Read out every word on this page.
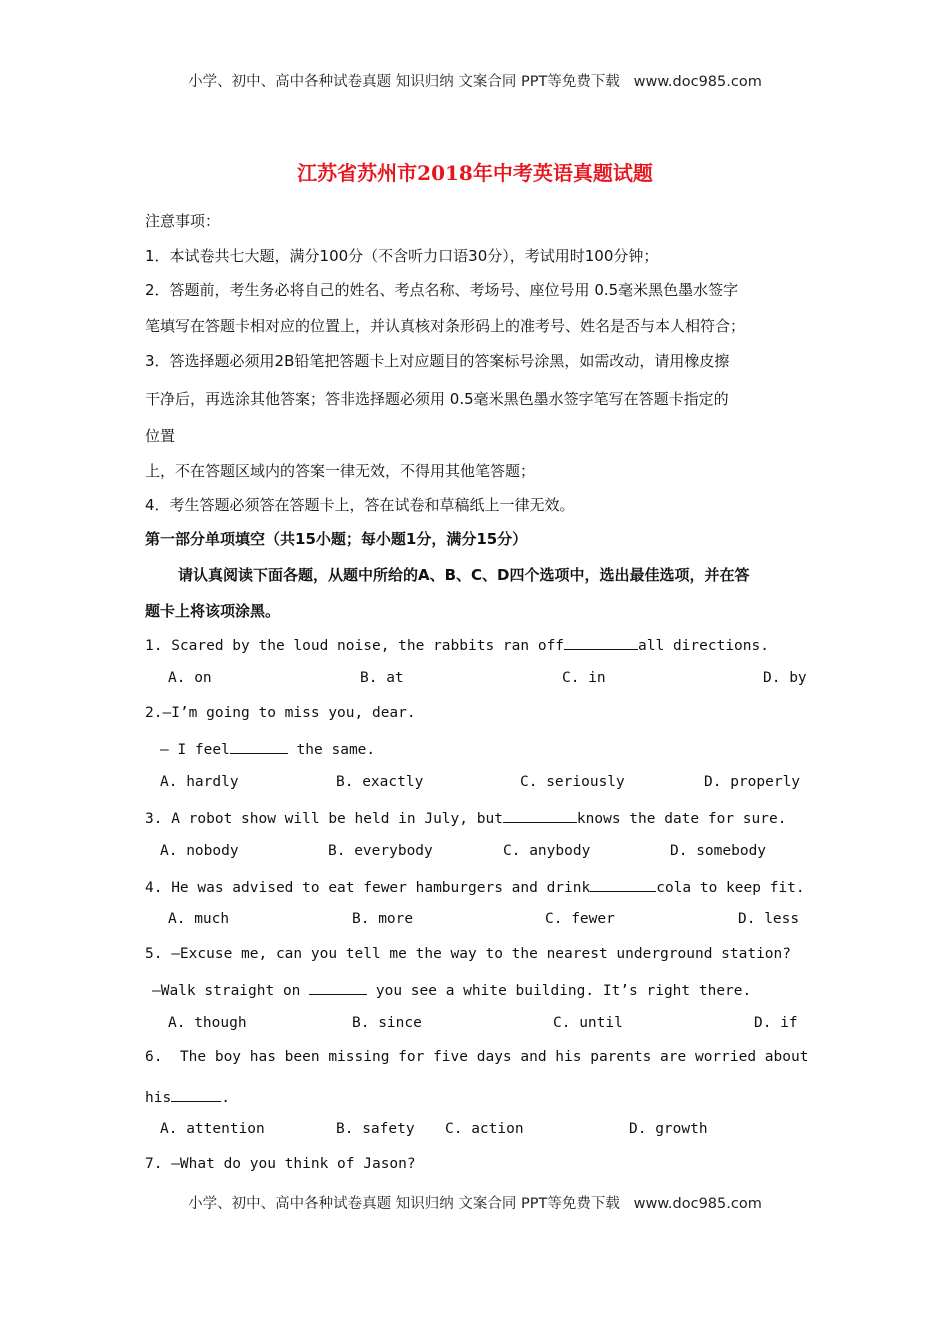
小学、初中、高中各种试卷真题 知识归纳 文案合同 PPT等免费下载   www.doc985.com
江苏省苏州市2018年中考英语真题试题
注意事项：
1．本试卷共七大题，满分100分（不含听力口语30分），考试用时100分钟；
2．答题前，考生务必将自己的姓名、考点名称、考场号、座位号用 0.5毫米黑色墨水签字
笔填写在答题卡相对应的位置上，并认真核对条形码上的准考号、姓名是否与本人相符合；
3．答选择题必须用2B铅笔把答题卡上对应题目的答案标号涂黑，如需改动，请用橡皮擦
干净后，再选涂其他答案；答非选择题必须用 0.5毫米黑色墨水签字笔写在答题卡指定的
位置
上，不在答题区域内的答案一律无效，不得用其他笔答题；
4．考生答题必须答在答题卡上，答在试卷和草稿纸上一律无效。
第一部分单项填空（共15小题；每小题1分，满分15分）
请认真阅读下面各题，从题中所给的A、B、C、D四个选项中，选出最佳选项，并在答
题卡上将该项涂黑。
1. Scared by the loud noise, the rabbits ran off	all directions.
A. on	B. at	C. in	D. by
2.—I’m going to miss you, dear.
— I feel	the same.
A. hardly	B. exactly	C. seriously	D. properly
3. A robot show will be held in July, but	knows the date for sure.
A. nobody	B. everybody	C. anybody	D. somebody
4. He was advised to eat fewer hamburgers and drink	cola to keep fit.
A. much	B. more	C. fewer	D. less
5. —Excuse me, can you tell me the way to the nearest underground station?
—Walk straight on	you see a white building. It’s right there.
A. though	B. since	C. until	D. if
6.  The boy has been missing for five days and his parents are worried about
his	.
A. attention	B. safety C. action	D. growth
7. —What do you think of Jason?
小学、初中、高中各种试卷真题 知识归纳 文案合同 PPT等免费下载   www.doc985.com
